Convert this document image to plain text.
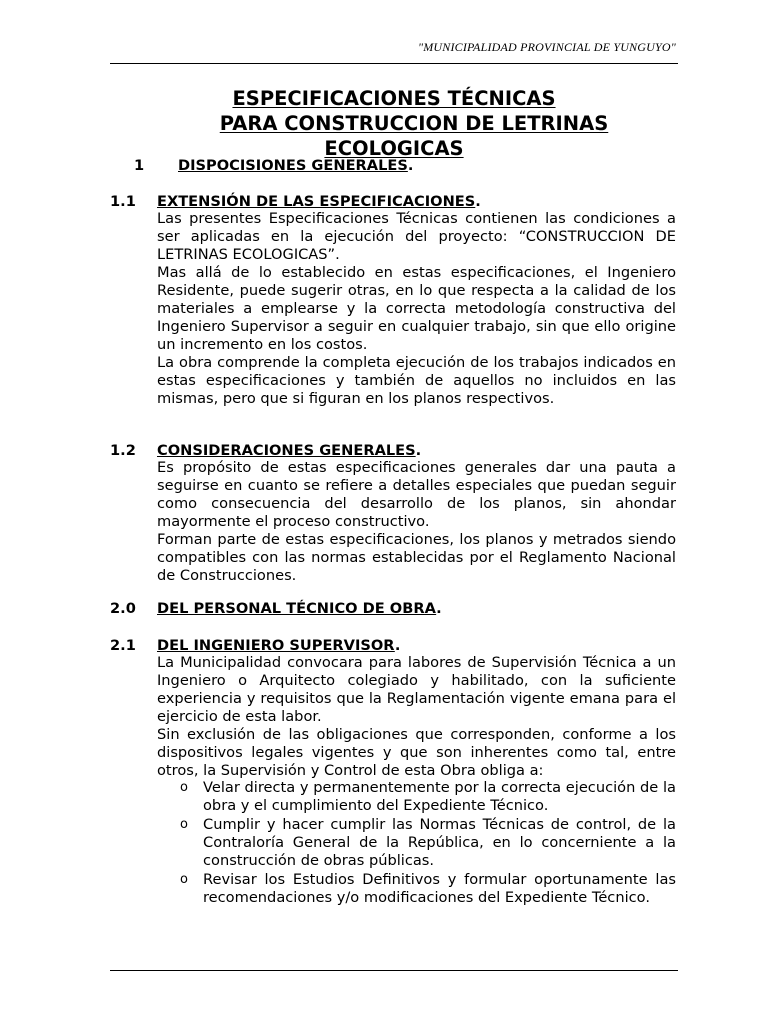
"MUNICIPALIDAD PROVINCIAL DE YUNGUYO"
ESPECIFICACIONES TÉCNICAS
PARA CONSTRUCCION DE LETRINAS
ECOLOGICAS
1 DISPOCISIONES GENERALES.
1.1 EXTENSIÓN DE LAS ESPECIFICACIONES.

Las presentes Especificaciones Técnicas contienen las condiciones a ser aplicadas en la ejecución del proyecto: “CONSTRUCCION DE LETRINAS ECOLOGICAS”.

Mas allá de lo establecido en estas especificaciones, el Ingeniero Residente, puede sugerir otras, en lo que respecta a la calidad de los materiales a emplearse y la correcta metodología constructiva del Ingeniero Supervisor a seguir en cualquier trabajo, sin que ello origine un incremento en los costos.

La obra comprende la completa ejecución de los trabajos indicados en estas especificaciones y también de aquellos no incluidos en las mismas, pero que si figuran en los planos respectivos.

1.2 CONSIDERACIONES GENERALES.

Es propósito de estas especificaciones generales dar una pauta a seguirse en cuanto se refiere a detalles especiales que puedan seguir como consecuencia del desarrollo de los planos, sin ahondar mayormente el proceso constructivo.

Forman parte de estas especificaciones, los planos y metrados siendo compatibles con las normas establecidas por el Reglamento Nacional de Construcciones.

2.0 DEL PERSONAL TÉCNICO DE OBRA.
2.1 DEL INGENIERO SUPERVISOR.

La Municipalidad convocara para labores de Supervisión Técnica a un Ingeniero o Arquitecto colegiado y habilitado, con la suficiente experiencia y requisitos que la Reglamentación vigente emana para el ejercicio de esta labor.

Sin exclusión de las obligaciones que corresponden, conforme a los dispositivos legales vigentes y que son inherentes como tal, entre otros, la Supervisión y Control de esta Obra obliga a:

o Velar directa y permanentemente por la correcta ejecución de la obra y el cumplimiento del Expediente Técnico.
o Cumplir y hacer cumplir las Normas Técnicas de control, de la Contraloría General de la República, en lo concerniente a la construcción de obras públicas.
o Revisar los Estudios Definitivos y formular oportunamente las recomendaciones y/o modificaciones del Expediente Técnico.
